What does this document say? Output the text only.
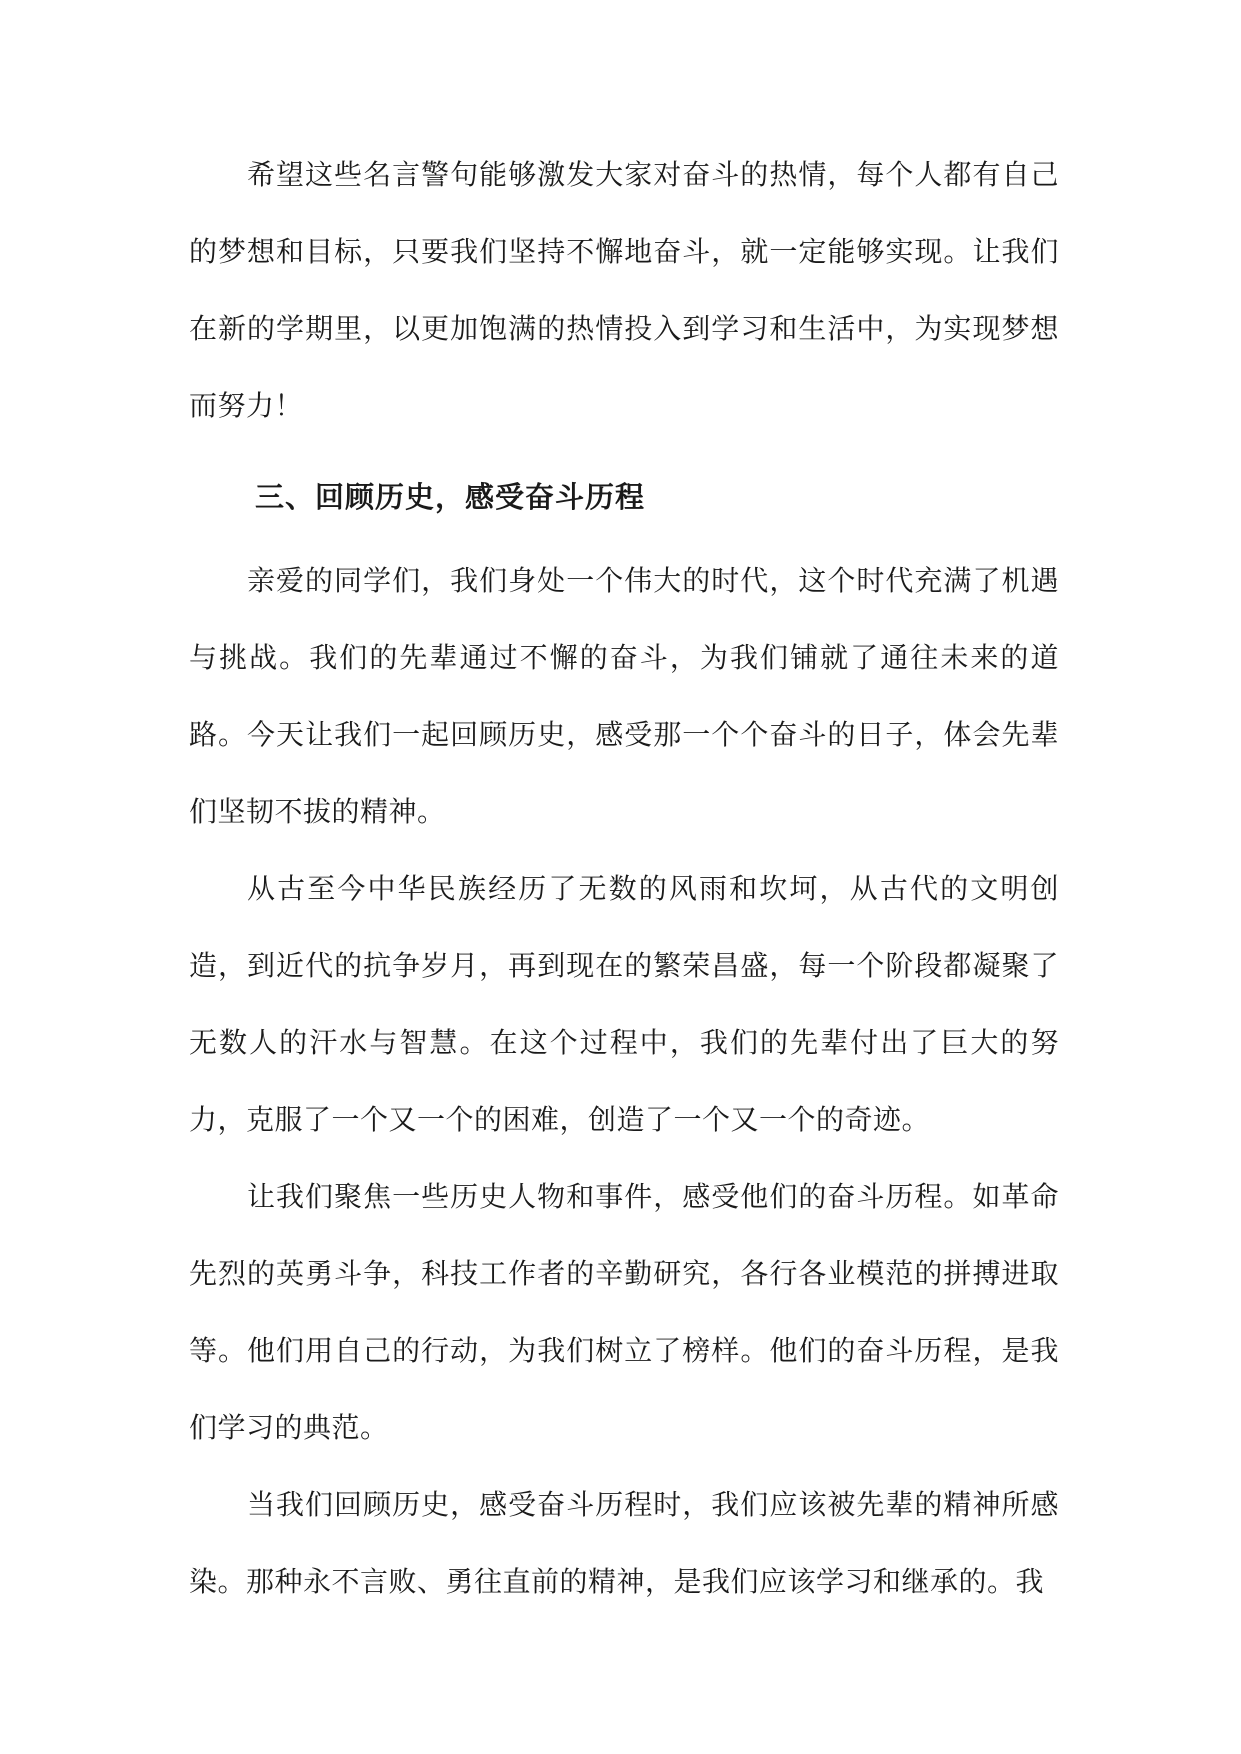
希望这些名言警句能够激发大家对奋斗的热情，每个人都有自己的梦想和目标，只要我们坚持不懈地奋斗，就一定能够实现。让我们在新的学期里，以更加饱满的热情投入到学习和生活中，为实现梦想而努力！

三、回顾历史，感受奋斗历程

亲爱的同学们，我们身处一个伟大的时代，这个时代充满了机遇与挑战。我们的先辈通过不懈的奋斗，为我们铺就了通往未来的道路。今天让我们一起回顾历史，感受那一个个奋斗的日子，体会先辈们坚韧不拔的精神。

从古至今中华民族经历了无数的风雨和坎坷，从古代的文明创造，到近代的抗争岁月，再到现在的繁荣昌盛，每一个阶段都凝聚了无数人的汗水与智慧。在这个过程中，我们的先辈付出了巨大的努力，克服了一个又一个的困难，创造了一个又一个的奇迹。

让我们聚焦一些历史人物和事件，感受他们的奋斗历程。如革命先烈的英勇斗争，科技工作者的辛勤研究，各行各业模范的拼搏进取等。他们用自己的行动，为我们树立了榜样。他们的奋斗历程，是我们学习的典范。

当我们回顾历史，感受奋斗历程时，我们应该被先辈的精神所感染。那种永不言败、勇往直前的精神，是我们应该学习和继承的。我
